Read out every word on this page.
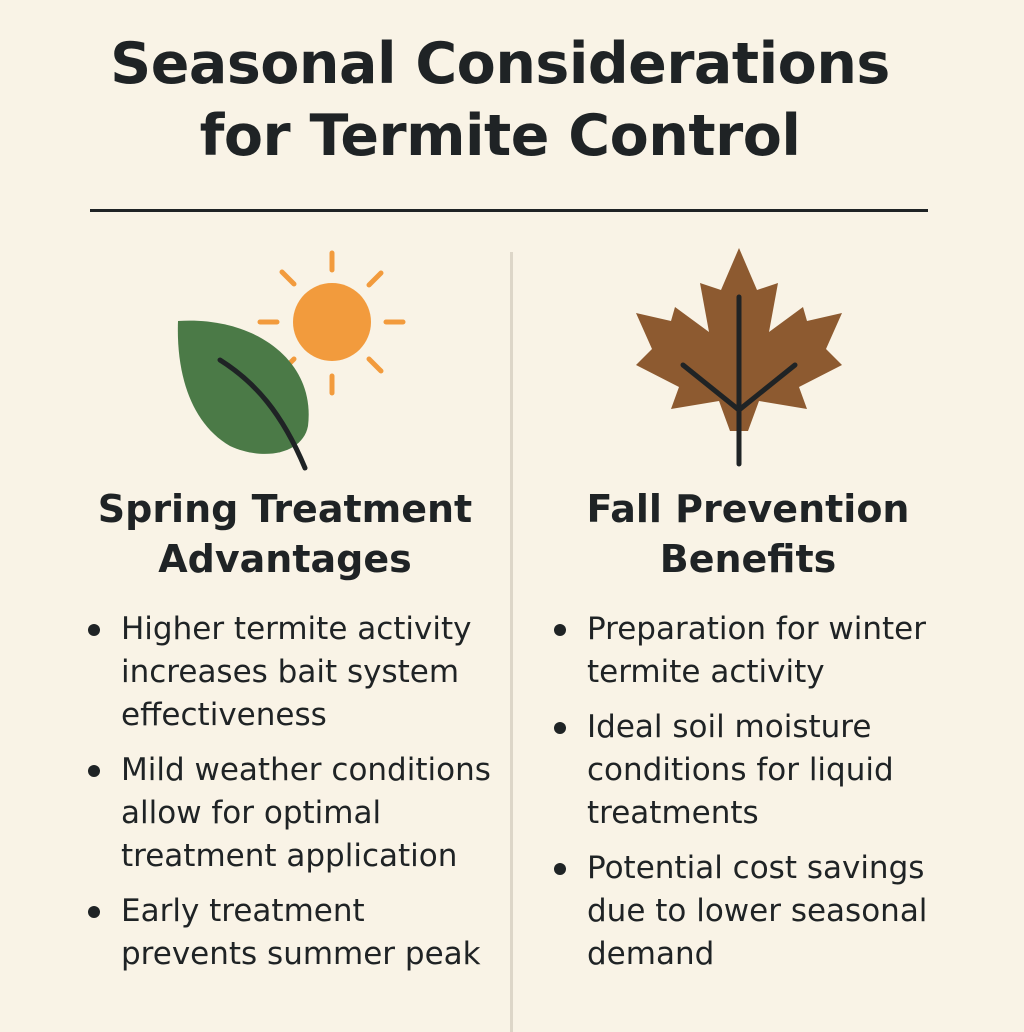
Seasonal Considerations
for Termite Control
Spring Treatment
Advantages
Higher termite activity increases bait system effectiveness
Mild weather conditions allow for optimal treatment application
Early treatment prevents summer peak
Fall Prevention
Benefits
Preparation for winter termite activity
Ideal soil moisture conditions for liquid treatments
Potential cost savings due to lower seasonal demand
